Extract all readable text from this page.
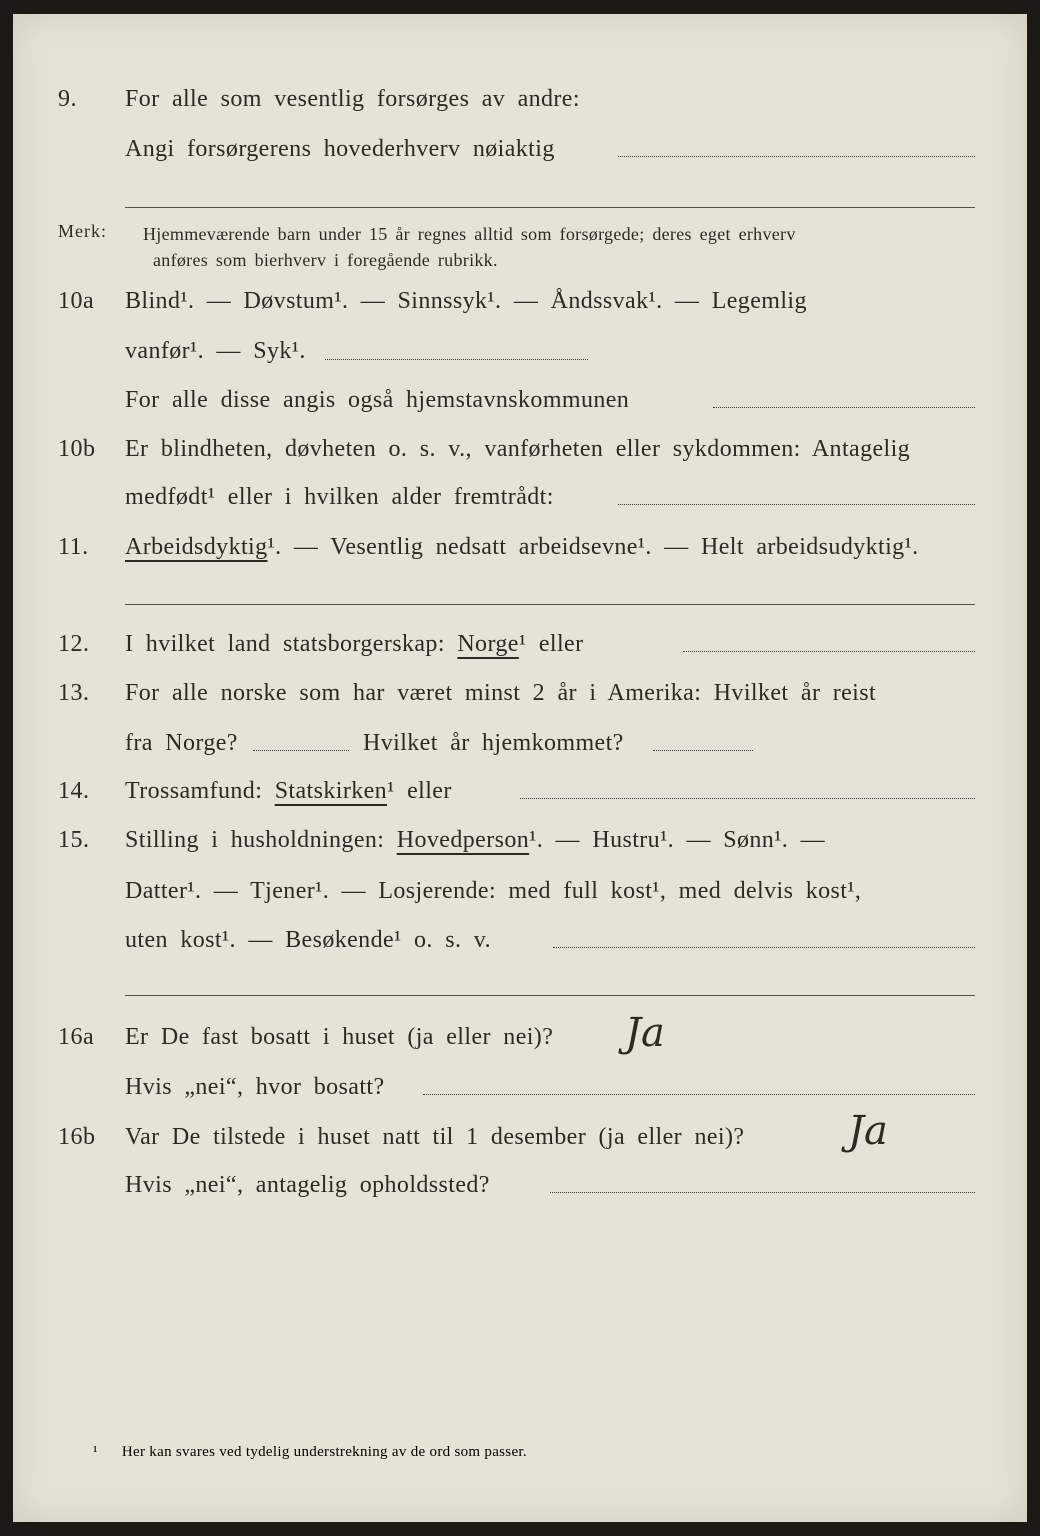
9. For alle som vesentlig forsørges av andre:
Angi forsørgerens hovederhverv nøiaktig
Merk: Hjemmeværende barn under 15 år regnes alltid som forsørgede; deres eget erhverv
anføres som bierhverv i foregående rubrikk.
10a Blind¹. — Døvstum¹. — Sinnssyk¹. — Åndssvak¹. — Legemlig
vanfør¹. — Syk¹.
For alle disse angis også hjemstavnskommunen
10b Er blindheten, døvheten o. s. v., vanførheten eller sykdommen: Antagelig
medfødt¹ eller i hvilken alder fremtrådt:
11. Arbeidsdyktig¹. — Vesentlig nedsatt arbeidsevne¹. — Helt arbeidsudyktig¹.
12. I hvilket land statsborgerskap: Norge¹ eller
13. For alle norske som har været minst 2 år i Amerika: Hvilket år reist
fra Norge?	Hvilket år hjemkommet?
14. Trossamfund: Statskirken¹ eller
15. Stilling i husholdningen: Hovedperson¹. — Hustru¹. — Sønn¹. —
Datter¹. — Tjener¹. — Losjerende: med full kost¹, med delvis kost¹,
uten kost¹. — Besøkende¹ o. s. v.
16a Er De fast bosatt i huset (ja eller nei)? Ja
Hvis „nei“, hvor bosatt?
16b Var De tilstede i huset natt til 1 desember (ja eller nei)?	Ja
Hvis „nei“, antagelig opholdssted?
¹ Her kan svares ved tydelig understrekning av de ord som passer.
